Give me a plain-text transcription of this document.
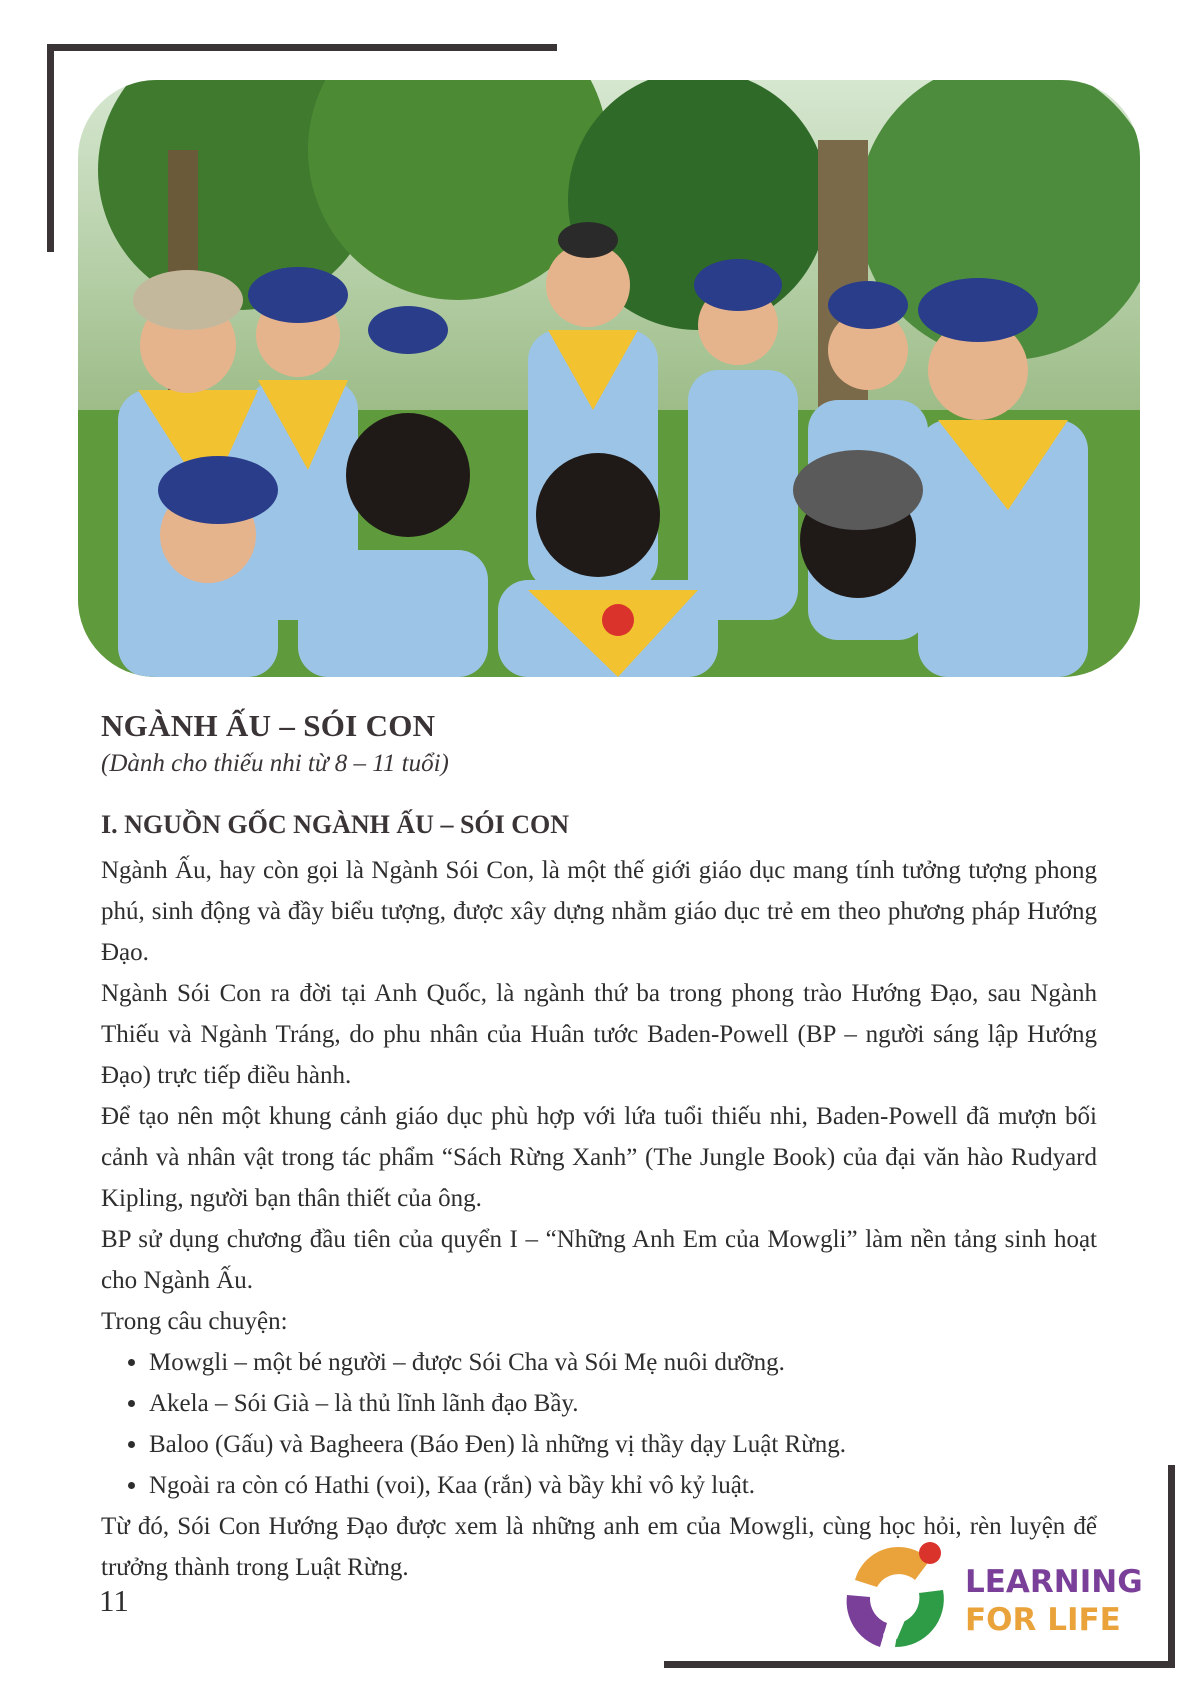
NGÀNH ẤU – SÓI CON

(Dành cho thiếu nhi từ 8 – 11 tuổi)

I. NGUỒN GỐC NGÀNH ẤU – SÓI CON

Ngành Ấu, hay còn gọi là Ngành Sói Con, là một thế giới giáo dục mang tính tưởng tượng phong phú, sinh động và đầy biểu tượng, được xây dựng nhằm giáo dục trẻ em theo phương pháp Hướng Đạo.

Ngành Sói Con ra đời tại Anh Quốc, là ngành thứ ba trong phong trào Hướng Đạo, sau Ngành Thiếu và Ngành Tráng, do phu nhân của Huân tước Baden-Powell (BP – người sáng lập Hướng Đạo) trực tiếp điều hành.

Để tạo nên một khung cảnh giáo dục phù hợp với lứa tuổi thiếu nhi, Baden-Powell đã mượn bối cảnh và nhân vật trong tác phẩm “Sách Rừng Xanh” (The Jungle Book) của đại văn hào Rudyard Kipling, người bạn thân thiết của ông.

BP sử dụng chương đầu tiên của quyển I – “Những Anh Em của Mowgli” làm nền tảng sinh hoạt cho Ngành Ấu.

Trong câu chuyện:

• Mowgli – một bé người – được Sói Cha và Sói Mẹ nuôi dưỡng.
• Akela – Sói Già – là thủ lĩnh lãnh đạo Bầy.
• Baloo (Gấu) và Bagheera (Báo Đen) là những vị thầy dạy Luật Rừng.
• Ngoài ra còn có Hathi (voi), Kaa (rắn) và bầy khỉ vô kỷ luật.

Từ đó, Sói Con Hướng Đạo được xem là những anh em của Mowgli, cùng học hỏi, rèn luyện để trưởng thành trong Luật Rừng.

11
LEARNING
FOR LIFE
